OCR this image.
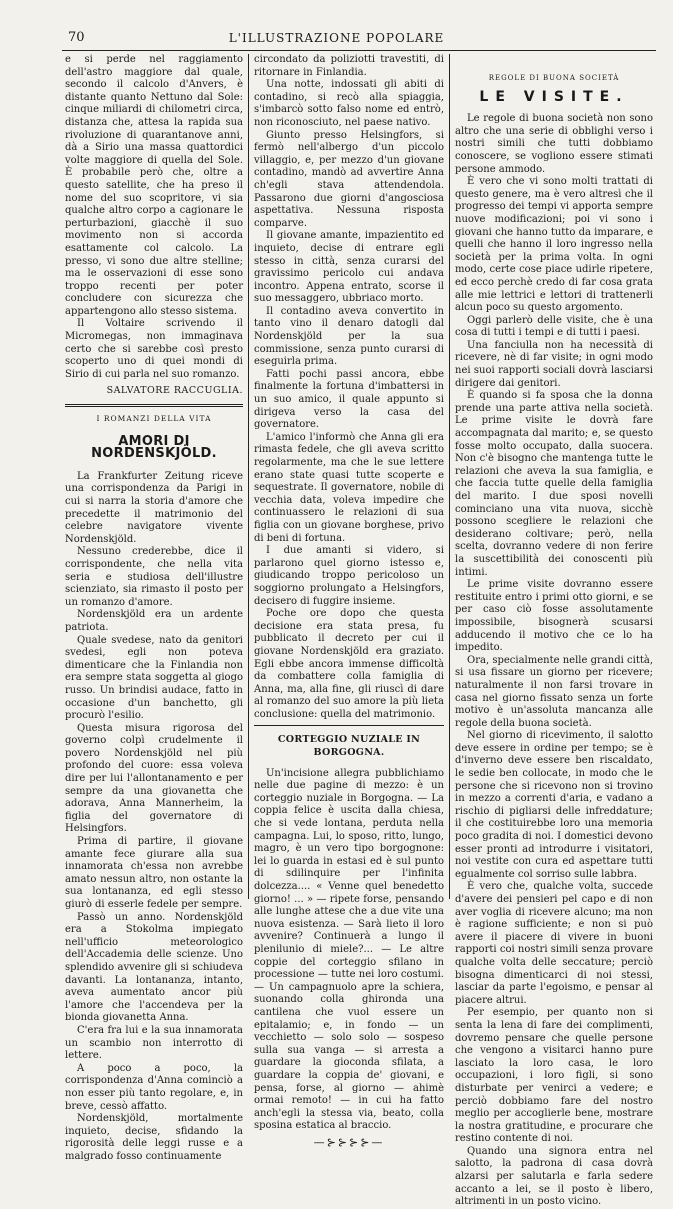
70	L'ILLUSTRAZIONE POPOLARE

e si perde nel raggiamento dell'astro maggiore dal quale, secondo il calcolo d'Anvers, è distante quanto Nettuno dal Sole: cinque miliardi di chilometri circa, distanza che, attesa la rapida sua rivoluzione di quarantanove anni, dà a Sirio una massa quattordici volte maggiore di quella del Sole. È probabile però che, oltre a questo satellite, che ha preso il nome del suo scopritore, vi sia qualche altro corpo a cagionare le perturbazioni, giacchè il suo movimento non si accorda esattamente col calcolo. La presso, vi sono due altre stelline; ma le osservazioni di esse sono troppo recenti per poter concludere con sicurezza che appartengono allo stesso sistema.

Il Voltaire scrivendo il Micromegas, non immaginava certo che si sarebbe così presto scoperto uno di quei mondi di Sirio di cui parla nel suo romanzo.

SALVATORE RACCUGLIA.
I ROMANZI DELLA VITA
AMORI DI NORDENSKJÖLD.

La Frankfurter Zeitung riceve una corrispondenza da Parigi in cui si narra la storia d'amore che precedette il matrimonio del celebre navigatore vivente Nordenskjöld.

Nessuno crederebbe, dice il corrispondente, che nella vita seria e studiosa dell'illustre scienziato, sia rimasto il posto per un romanzo d'amore.

Nordenskjöld era un ardente patriota.

Quale svedese, nato da genitori svedesi, egli non poteva dimenticare che la Finlandia non era sempre stata soggetta al giogo russo. Un brindisi audace, fatto in occasione d'un banchetto, gli procurò l'esilio.

Questa misura rigorosa del governo colpì crudelmente il povero Nordenskjöld nel più profondo del cuore: essa voleva dire per lui l'allontanamento e per sempre da una giovanetta che adorava, Anna Mannerheim, la figlia del governatore di Helsingfors.

Prima di partire, il giovane amante fece giurare alla sua innamorata ch'essa non avrebbe amato nessun altro, non ostante la sua lontananza, ed egli stesso giurò di esserle fedele per sempre.

Passò un anno. Nordenskjöld era a Stokolma impiegato nell'ufficio meteorologico dell'Accademia delle scienze. Uno splendido avvenire gli si schiudeva davanti. La lontananza, intanto, aveva aumentato ancor più l'amore che l'accendeva per la bionda giovanetta Anna.

C'era fra lui e la sua innamorata un scambio non interrotto di lettere.

A poco a poco, la corrispondenza d'Anna cominciò a non esser più tanto regolare, e, in breve, cessò affatto.

Nordenskjöld, mortalmente inquieto, decise, sfidando la rigorosità delle leggi russe e a malgrado fosso continuamente

circondato da poliziotti travestiti, di ritornare in Finlandia.

Una notte, indossati gli abiti di contadino, si recò alla spiaggia, s'imbarcò sotto falso nome ed entrò, non riconosciuto, nel paese nativo.

Giunto presso Helsingfors, si fermò nell'albergo d'un piccolo villaggio, e, per mezzo d'un giovane contadino, mandò ad avvertire Anna ch'egli stava attendendola. Passarono due giorni d'angosciosa aspettativa. Nessuna risposta comparve.

Il giovane amante, impazientito ed inquieto, decise di entrare egli stesso in città, senza curarsi del gravissimo pericolo cui andava incontro. Appena entrato, scorse il suo messaggero, ubbriaco morto.

Il contadino aveva convertito in tanto vino il denaro datogli dal Nordenskjöld per la sua commissione, senza punto curarsi di eseguirla prima.

Fatti pochi passi ancora, ebbe finalmente la fortuna d'imbattersi in un suo amico, il quale appunto si dirigeva verso la casa del governatore.

L'amico l'informò che Anna gli era rimasta fedele, che gli aveva scritto regolarmente, ma che le sue lettere erano state quasi tutte scoperte e sequestrate. Il governatore, nobile di vecchia data, voleva impedire che continuassero le relazioni di sua figlia con un giovane borghese, privo di beni di fortuna.

I due amanti si videro, si parlarono quel giorno istesso e, giudicando troppo pericoloso un soggiorno prolungato a Helsingfors, decisero di fuggire insieme.

Poche ore dopo che questa decisione era stata presa, fu pubblicato il decreto per cui il giovane Nordenskjöld era graziato. Egli ebbe ancora immense difficoltà da combattere colla famiglia di Anna, ma, alla fine, gli riuscì di dare al romanzo del suo amore la più lieta conclusione: quella del matrimonio.

CORTEGGIO NUZIALE IN BORGOGNA.

Un'incisione allegra pubblichiamo nelle due pagine di mezzo: è un corteggio nuziale in Borgogna. — La coppia felice è uscita dalla chiesa, che si vede lontana, perduta nella campagna. Lui, lo sposo, ritto, lungo, magro, è un vero tipo borgognone: lei lo guarda in estasi ed è sul punto di sdilinquire per l'infinita dolcezza.... « Venne quel benedetto giorno! ... » — ripete forse, pensando alle lunghe attese che a due vite una nuova esistenza. — Sarà lieto il loro avvenire? Continuerà a lungo il plenilunio di miele?... — Le altre coppie del corteggio sfilano in processione — tutte nei loro costumi. — Un campagnuolo apre la schiera, suonando colla ghironda una cantilena che vuol essere un epitalamio; e, in fondo — un vecchietto — solo solo — sospeso sulla sua vanga — si arresta a guardare la gioconda sfilata, a guardare la coppia de' giovani, e pensa, forse, al giorno — ahimè ormai remoto! — in cui ha fatto anch'egli la stessa via, beato, colla sposina estatica al braccio.

—⊱⊱⊱⊱—
REGOLE DI BUONA SOCIETÀ
LE VISITE.

Le regole di buona società non sono altro che una serie di obblighi verso i nostri simili che tutti dobbiamo conoscere, se vogliono essere stimati persone ammodo.

È vero che vi sono molti trattati di questo genere, ma è vero altresì che il progresso dei tempi vi apporta sempre nuove modificazioni; poi vi sono i giovani che hanno tutto da imparare, e quelli che hanno il loro ingresso nella società per la prima volta. In ogni modo, certe cose piace udirle ripetere, ed ecco perchè credo di far cosa grata alle mie lettrici e lettori di trattenerli alcun poco su questo argomento.

Oggi parlerò delle visite, che è una cosa di tutti i tempi e di tutti i paesi.

Una fanciulla non ha necessità di ricevere, nè di far visite; in ogni modo nei suoi rapporti sociali dovrà lasciarsi dirigere dai genitori.

È quando si fa sposa che la donna prende una parte attiva nella società. Le prime visite le dovrà fare accompagnata dal marito; e, se questo fosse molto occupato, dalla suocera. Non c'è bisogno che mantenga tutte le relazioni che aveva la sua famiglia, e che faccia tutte quelle della famiglia del marito. I due sposi novelli cominciano una vita nuova, sicchè possono scegliere le relazioni che desiderano coltivare; però, nella scelta, dovranno vedere di non ferire la suscettibilità dei conoscenti più intimi.

Le prime visite dovranno essere restituite entro i primi otto giorni, e se per caso ciò fosse assolutamente impossibile, bisognerà scusarsi adducendo il motivo che ce lo ha impedito.

Ora, specialmente nelle grandi città, si usa fissare un giorno per ricevere; naturalmente il non farsi trovare in casa nel giorno fissato senza un forte motivo è un'assoluta mancanza alle regole della buona società.

Nel giorno di ricevimento, il salotto deve essere in ordine per tempo; se è d'inverno deve essere ben riscaldato, le sedie ben collocate, in modo che le persone che si ricevono non si trovino in mezzo a correnti d'aria, e vadano a rischio di pigliarsi delle infreddature; il che costituirebbe loro una memoria poco gradita di noi. I domestici devono esser pronti ad introdurre i visitatori, noi vestite con cura ed aspettare tutti egualmente col sorriso sulle labbra.

È vero che, qualche volta, succede d'avere dei pensieri pel capo e di non aver voglia di ricevere alcuno; ma non è ragione sufficiente; e non si può avere il piacere di vivere in buoni rapporti coi nostri simili senza provare qualche volta delle seccature; perciò bisogna dimenticarci di noi stessi, lasciar da parte l'egoismo, e pensar al piacere altrui.

Per esempio, per quanto non si senta la lena di fare dei complimenti, dovremo pensare che quelle persone che vengono a visitarci hanno pure lasciato la loro casa, le loro occupazioni, i loro figli, si sono disturbate per venirci a vedere; e perciò dobbiamo fare del nostro meglio per accoglierle bene, mostrare la nostra gratitudine, e procurare che restino contente di noi.

Quando una signora entra nel salotto, la padrona di casa dovrà alzarsi per salutarla e farla sedere accanto a lei, se il posto è libero, altrimenti in un posto vicino.
